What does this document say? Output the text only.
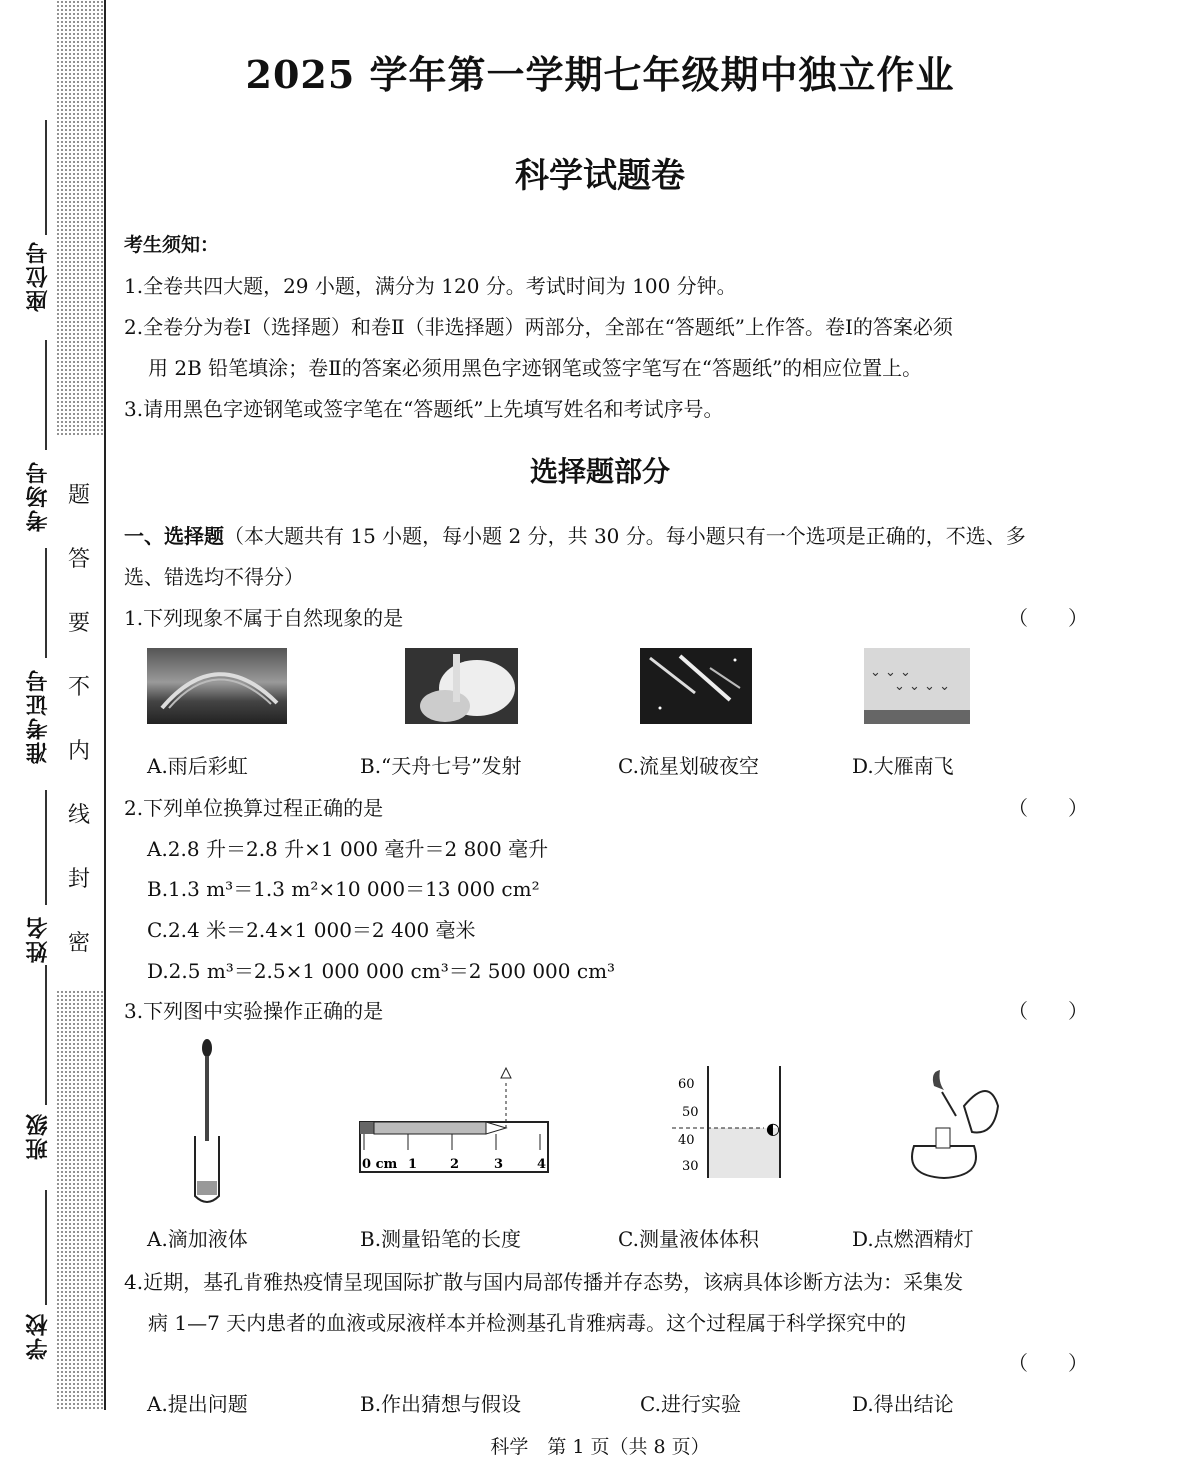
座位号
考场号
准考证号
姓名
班级
学校
题
答
要
不
内
线
封
密
2025 学年第一学期七年级期中独立作业
科学试题卷
考生须知：
1.全卷共四大题，29 小题，满分为 120 分。考试时间为 100 分钟。
2.全卷分为卷Ⅰ（选择题）和卷Ⅱ（非选择题）两部分，全部在“答题纸”上作答。卷Ⅰ的答案必须
用 2B 铅笔填涂；卷Ⅱ的答案必须用黑色字迹钢笔或签字笔写在“答题纸”的相应位置上。
3.请用黑色字迹钢笔或签字笔在“答题纸”上先填写姓名和考试序号。
选择题部分
一、选择题（本大题共有 15 小题，每小题 2 分，共 30 分。每小题只有一个选项是正确的，不选、多
选、错选均不得分）
1.下列现象不属于自然现象的是	（　　）
⌄ ⌄ ⌄
⌄ ⌄ ⌄ ⌄
A.雨后彩虹	B.“天舟七号”发射	C.流星划破夜空	D.大雁南飞
2.下列单位换算过程正确的是	（　　）
A.2.8 升＝2.8 升×1 000 毫升＝2 800 毫升
B.1.3 m³＝1.3 m²×10 000＝13 000 cm²
C.2.4 米＝2.4×1 000＝2 400 毫米
D.2.5 m³＝2.5×1 000 000 cm³＝2 500 000 cm³
3.下列图中实验操作正确的是	（　　）
0 cm 1	2	3	4
◐
60
50
40
30
A.滴加液体	B.测量铅笔的长度	C.测量液体体积	D.点燃酒精灯
4.近期，基孔肯雅热疫情呈现国际扩散与国内局部传播并存态势，该病具体诊断方法为：采集发
病 1—7 天内患者的血液或尿液样本并检测基孔肯雅病毒。这个过程属于科学探究中的
（　　）
A.提出问题	B.作出猜想与假设	C.进行实验	D.得出结论
科学　第 1 页（共 8 页）
